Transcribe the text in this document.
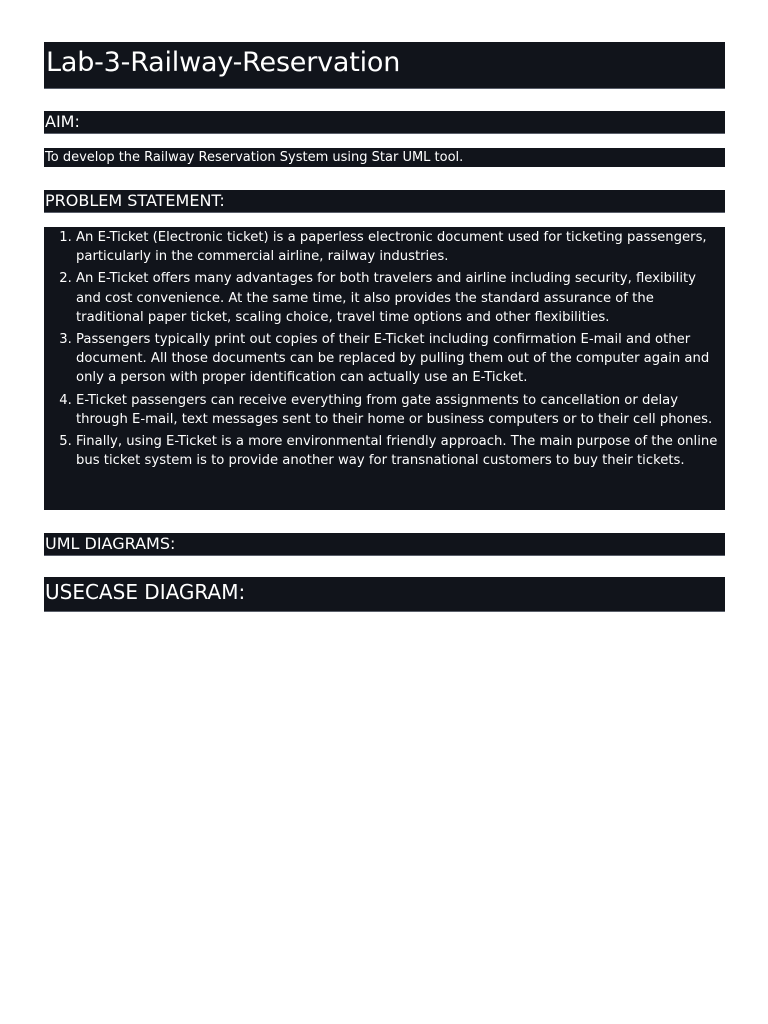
Lab-3-Railway-Reservation
AIM:
To develop the Railway Reservation System using Star UML tool.
PROBLEM STATEMENT:
1. An E-Ticket (Electronic ticket) is a paperless electronic document used for ticketing passengers, particularly in the commercial airline, railway industries.
2. An E-Ticket offers many advantages for both travelers and airline including security, flexibility and cost convenience. At the same time, it also provides the standard assurance of the traditional paper ticket, scaling choice, travel time options and other flexibilities.
3. Passengers typically print out copies of their E-Ticket including confirmation E-mail and other document. All those documents can be replaced by pulling them out of the computer again and only a person with proper identification can actually use an E-Ticket.
4. E-Ticket passengers can receive everything from gate assignments to cancellation or delay through E-mail, text messages sent to their home or business computers or to their cell phones.
5. Finally, using E-Ticket is a more environmental friendly approach. The main purpose of the online bus ticket system is to provide another way for transnational customers to buy their tickets.
UML DIAGRAMS:
USECASE DIAGRAM:
